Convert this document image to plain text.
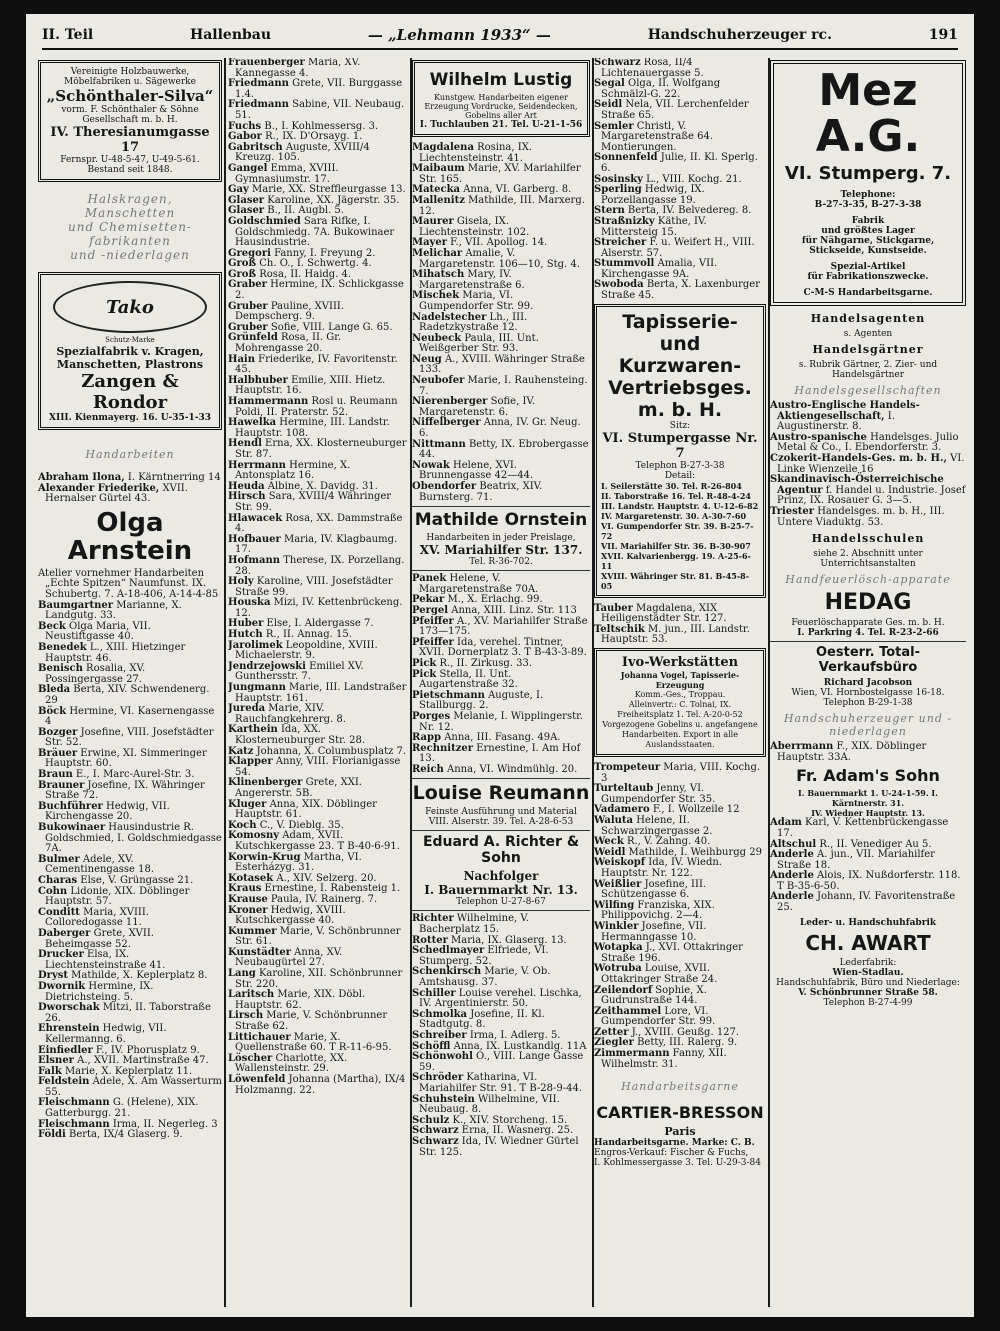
II. Teil	Hallenbau	— „Lehmann 1933“ —	Handschuherzeuger rc.	191
Vereinigte Holzbauwerke,
Möbelfabriken u. Sägewerke
„Schönthaler-Silva“
vorm. F. Schönthaler & Söhne
Gesellschaft m. b. H.
IV. Theresianumgasse 17
Fernspr. U-48-5-47, U-49-5-61.
Bestand seit 1848.
Halskragen,
Manschetten
und Chemisetten-
fabrikanten
und -niederlagen
Tako
Schutz-Marke
Spezialfabrik v. Kragen,
Manschetten, Plastrons
Zangen & Rondor
XIII. Kienmayerg. 16. U-35-1-33
Handarbeiten

Abraham Ilona, I. Kärntnerring 14

Alexander Friederike, XVII. Hernalser Gürtel 43.

Olga Arnstein

Atelier vornehmer Handarbeiten „Echte Spitzen“ Naumfunst. IX. Schubertg. 7. A-18-406, A-14-4-85

Baumgartner Marianne, X. Landgutg. 33.

Beck Olga Maria, VII. Neustiftgasse 40.

Benedek L., XIII. Hietzinger Hauptstr. 46.

Benisch Rosalia, XV. Possingergasse 27.

Bleda Berta, XIV. Schwendenerg. 29

Böck Hermine, VI. Kasernengasse 4

Bozger Josefine, VIII. Josefstädter Str. 52.

Bräuer Erwine, XI. Simmeringer Hauptstr. 60.

Braun E., I. Marc-Aurel-Str. 3.

Brauner Josefine, IX. Währinger Straße 72.

Buchführer Hedwig, VII. Kirchengasse 20.

Bukowinaer Hausindustrie R. Goldschmied, I. Goldschmiedgasse 7A.

Bulmer Adele, XV. Cementinengasse 18.

Charas Else, V. Grüngasse 21.

Cohn Lidonie, XIX. Döblinger Hauptstr. 57.

Conditt Maria, XVIII. Colloredogasse 11.

Daberger Grete, XVII. Beheimgasse 52.

Drucker Elsa, IX. Liechtensteinstraße 41.

Dryst Mathilde, X. Keplerplatz 8.

Dwornik Hermine, IX. Dietrichsteing. 5.

Dworschak Mitzi, II. Taborstraße 26.

Ehrenstein Hedwig, VII. Kellermanng. 6.

Einfiedler F., IV. Phorusplatz 9.

Elsner A., XVII. Martinstraße 47.

Falk Marie, X. Keplerplatz 11.

Feldstein Adele, X. Am Wasserturm 55.

Fleischmann G. (Helene), XIX. Gatterburgg. 21.

Fleischmann Irma, II. Negerleg. 3

Földi Berta, IX/4 Glaserg. 9.

Frauenberger Maria, XV. Kannegasse 4.

Friedmann Grete, VII. Burggasse 1.4.

Friedmann Sabine, VII. Neubaug. 51.

Fuchs B., I. Kohlmessersg. 3.

Gabor R., IX. D'Orsayg. 1.

Gabritsch Auguste, XVIII/4 Kreuzg. 105.

Gangel Emma, XVIII. Gymnasiumstr. 17.

Gay Marie, XX. Streffleurgasse 13.

Glaser Karoline, XX. Jägerstr. 35.

Glaser B., II. Augbl. 5.

Goldschmied Sara Rifke, I. Goldschmiedg. 7A. Bukowinaer Hausindustrie.

Gregori Fanny, I. Freyung 2.

Groß Ch. O., I. Schwertg. 4.

Groß Rosa, II. Haidg. 4.

Graber Hermine, IX. Schlickgasse 2.

Gruber Pauline, XVIII. Dempscherg. 9.

Gruber Sofie, VIII. Lange G. 65.

Grünfeld Rosa, II. Gr. Mohrengasse 20.

Hain Friederike, IV. Favoritenstr. 45.

Halbhuber Emilie, XIII. Hietz. Hauptstr. 16.

Hammermann Rosl u. Reumann Poldi, II. Praterstr. 52.

Hawelka Hermine, III. Landstr. Hauptstr. 108.

Hendl Erna, XX. Klosterneuburger Str. 87.

Herrmann Hermine, X. Antonsplatz 16.

Heuda Albine, X. Davidg. 31.

Hirsch Sara, XVIII/4 Währinger Str. 99.

Hlawacek Rosa, XX. Dammstraße 4.

Hofbauer Maria, IV. Klagbaumg. 17.

Hofmann Therese, IX. Porzellang. 28.

Holy Karoline, VIII. Josefstädter Straße 99.

Houska Mizi, IV. Kettenbrückeng. 12.

Huber Else, I. Aldergasse 7.

Hutch R., II. Annag. 15.

Jarolimek Leopoldine, XVIII. Michaelerstr. 9.

Jendrzejowski Emiliel XV. Gunthersstr. 7.

Jungmann Marie, III. Landstraßer Hauptstr. 161.

Jureda Marie, XIV. Rauchfangkehrerg. 8.

Karthein Ida, XX. Klosterneuburger Str. 28.

Katz Johanna, X. Columbusplatz 7.

Klapper Anny, VIII. Florianigasse 54.

Klinenberger Grete, XXI. Angererstr. 5B.

Kluger Anna, XIX. Döblinger Hauptstr. 61.

Koch C., V. Dieblg. 35.

Komosny Adam, XVII. Kutschkergasse 23. T B-40-6-91.

Korwin-Krug Martha, VI. Esterházyg. 31.

Kotasek A., XIV. Selzerg. 20.

Kraus Ernestine, I. Rabensteig 1.

Krause Paula, IV. Rainerg. 7.

Kroner Hedwig, XVIII. Kutschkergasse 40.

Kummer Marie, V. Schönbrunner Str. 61.

Kunstädter Anna, XV. Neubaugürtel 27.

Lang Karoline, XII. Schönbrunner Str. 220.

Laritsch Marie, XIX. Döbl. Hauptstr. 62.

Lirsch Marie, V. Schönbrunner Straße 62.

Littichauer Marie, X. Quellenstraße 60. T R-11-6-95.

Löscher Charlotte, XX. Wallensteinstr. 29.

Löwenfeld Johanna (Martha), IX/4 Holzmanng. 22.

Wilhelm Lustig
Kunstgew. Handarbeiten eigener Erzeugung Vordrucke, Seidendecken, Gobelins aller Art
I. Tuchlauben 21. Tel. U-21-1-56

Magdalena Rosina, IX. Liechtensteinstr. 41.

Maibaum Marie, XV. Mariahilfer Str. 165.

Matecka Anna, VI. Garberg. 8.

Mallenitz Mathilde, III. Marxerg. 12.

Maurer Gisela, IX. Liechtensteinstr. 102.

Mayer F., VII. Apollog. 14.

Melichar Amalie, V. Margaretenstr. 106—10, Stg. 4.

Mihatsch Mary, IV. Margaretenstraße 6.

Mischek Maria, VI. Gumpendorfer Str. 99.

Nadelstecher Lh., III. Radetzkystraße 12.

Neubeck Paula, III. Unt. Weißgerber Str. 93.

Neug A., XVIII. Währinger Straße 133.

Neubofer Marie, I. Rauhensteing. 7.

Nierenberger Sofie, IV. Margaretenstr. 6.

Niffelberger Anna, IV. Gr. Neug. 6.

Nittmann Betty, IX. Ebrobergasse 44.

Nowak Helene, XVI. Brunnengasse 42—44.

Obendorfer Beatrix, XIV. Burnsterg. 71.

Mathilde Ornstein
Handarbeiten in jeder Preislage,
XV. Mariahilfer Str. 137.
Tel. R-36-702.

Panek Helene, V. Margaretenstraße 70A.

Pekar M., X. Erlachg. 99.

Pergel Anna, XIII. Linz. Str. 113

Pfeiffer A., XV. Mariahilfer Straße 173—175.

Pfeiffer Ida, verehel. Tintner, XVII. Dornerplatz 3. T B-43-3-89.

Pick R., II. Zirkusg. 33.

Pick Stella, II. Unt. Augartenstraße 32.

Pietschmann Auguste, I. Stallburgg. 2.

Porges Melanie, I. Wipplingerstr. Nr. 12.

Rapp Anna, III. Fasang. 49A.

Rechnitzer Ernestine, I. Am Hof 13.

Reich Anna, VI. Windmühlg. 20.

Louise Reumann
Feinste Ausführung und Material
VIII. Alserstr. 39. Tel. A-28-6-53
Eduard A. Richter & Sohn
Nachfolger
I. Bauernmarkt Nr. 13.
Telephon U-27-8-67

Richter Wilhelmine, V. Bacherplatz 15.

Rotter Maria, IX. Glaserg. 13.

Schedlmayer Elfriede, VI. Stumperg. 52.

Schenkirsch Marie, V. Ob. Amtshausg. 37.

Schiller Louise verehel. Lischka, IV. Argentinierstr. 50.

Schmolka Josefine, II. Kl. Stadtgutg. 8.

Schreiber Irma, I. Adlerg. 5.

Schöffl Anna, IX. Lustkandlg. 11A

Schönwohl O., VIII. Lange Gasse 59.

Schröder Katharina, VI. Mariahilfer Str. 91. T B-28-9-44.

Schuhstein Wilhelmine, VII. Neubaug. 8.

Schulz K., XIV. Storcheng. 15.

Schwarz Erna, II. Wasnerg. 25.

Schwarz Ida, IV. Wiedner Gürtel Str. 125.

Schwarz Rosa, II/4 Lichtenauergasse 5.

Segal Olga, II. Wolfgang Schmälzl-G. 22.

Seidl Nela, VII. Lerchenfelder Straße 65.

Semler Christl, V. Margaretenstraße 64. Montierungen.

Sonnenfeld Julie, II. Kl. Sperlg. 6.

Sosinsky L., VIII. Kochg. 21.

Sperling Hedwig, IX. Porzellangasse 19.

Stern Berta, IV. Belvedereg. 8.

Straßnizky Käthe, IV. Mittersteig 15.

Streicher F. u. Weifert H., VIII. Alserstr. 57.

Stummvoll Amalia, VII. Kirchengasse 9A.

Swoboda Berta, X. Laxenburger Straße 45.

Tapisserie-
und Kurzwaren-
Vertriebsges.
m. b. H.
Sitz:
VI. Stumpergasse Nr. 7
Telephon B-27-3-38
Detail:
I. Seilerstätte 30. Tel. R-26-804
II. Taborstraße 16. Tel. R-48-4-24
III. Landstr. Hauptstr. 4. U-12-6-82
IV. Margaretenstr. 30. A-30-7-60
VI. Gumpendorfer Str. 39. B-25-7-72
VII. Mariahilfer Str. 36. B-30-907
XVII. Kalvarienbergg. 19. A-25-6-11
XVIII. Währinger Str. 81. B-45-8-05

Tauber Magdalena, XIX Heiligenstädter Str. 127.

Teltschik M. jun., III. Landstr. Hauptstr. 53.

Ivo-Werkstätten
Johanna Vogel, Tapisserie-Erzeugung
Komm.-Ges., Troppau.
Alleinvertr.: C. Tolnai, IX. Freiheitsplatz 1. Tel. A-20-0-52
Vorgezogene Gobelins u. angefangene Handarbeiten. Export in alle Auslandsstaaten.

Trompeteur Maria, VIII. Kochg. 3

Turteltaub Jenny, VI. Gumpendorfer Str. 35.

Vadamero F., I. Wollzeile 12

Waluta Helene, II. Schwarzingergasse 2.

Weck R., V. Zahng. 40.

Weidl Mathilde, I. Weihburgg 29

Weiskopf Ida, IV. Wiedn. Hauptstr. Nr. 122.

Weißlier Josefine, III. Schützengasse 6.

Wilfing Franziska, XIX. Philippovichg. 2—4.

Winkler Josefine, VII. Hermanngasse 10.

Wotapka J., XVI. Ottakringer Straße 196.

Wotruba Louise, XVII. Ottakringer Straße 24.

Zeilendorf Sophie, X. Gudrunstraße 144.

Zeithammel Lore, VI. Gumpendorfer Str. 99.

Zetter J., XVIII. Geußg. 127.

Ziegler Betty, III. Ralerg. 9.

Zimmermann Fanny, XII. Wilhelmstr. 31.

Handarbeitsgarne
CARTIER-BRESSON
Paris
Handarbeitsgarne. Marke: C. B.
Engros-Verkauf: Fischer & Fuchs,
I. Kohlmessergasse 3. Tel. U-29-3-84
Mez A.G.
VI. Stumperg. 7.
Telephone:
B-27-3-35, B-27-3-38
Fabrik
und größtes Lager
für Nähgarne, Stickgarne,
Stickseide, Kunstseide.
Spezial-Artikel
für Fabrikationszwecke.
C-M-S Handarbeitsgarne.
Handelsagenten
s. Agenten
Handelsgärtner
s. Rubrik Gärtner, 2. Zier- und Handelsgärtner
Handelsgesellschaften

Austro-Englische Handels-Aktiengesellschaft, I. Augustinerstr. 8.

Austro-spanische Handelsges. Julio Metal & Co., I. Ebendorferstr. 3.

Czokerit-Handels-Ges. m. b. H., VI. Linke Wienzeile 16

Skandinavisch-Österreichische Agentur f. Handel u. Industrie. Josef Prinz, IX. Rosauer G. 3—5.

Triester Handelsges. m. b. H., III. Untere Viaduktg. 53.

Handelsschulen
siehe 2. Abschnitt unter Unterrichtsanstalten
Handfeuerlösch-apparate
HEDAG
Feuerlöschapparate Ges. m. b. H.
I. Parkring 4. Tel. R-23-2-66
Oesterr. Total-Verkaufsbüro
Richard Jacobson
Wien, VI. Hornbostelgasse 16-18.
Telephon B-29-1-38
Handschuherzeuger und -niederlagen

Aberrmann F., XIX. Döblinger Hauptstr. 33A.

Fr. Adam's Sohn
I. Bauernmarkt 1. U-24-1-59. I. Kärntnerstr. 31.
IV. Wiedner Hauptstr. 13.

Adam Karl, V. Kettenbrückengasse 17.

Altschul R., II. Venediger Au 5.

Anderle A. jun., VII. Mariahilfer Straße 18.

Anderle Alois, IX. Nußdorferstr. 118. T B-35-6-50.

Anderle Johann, IV. Favoritenstraße 25.

Leder- u. Handschuhfabrik
CH. AWART
Lederfabrik:
Wien-Stadlau.
Handschuhfabrik, Büro und Niederlage:
V. Schönbrunner Straße 58.
Telephon B-27-4-99
